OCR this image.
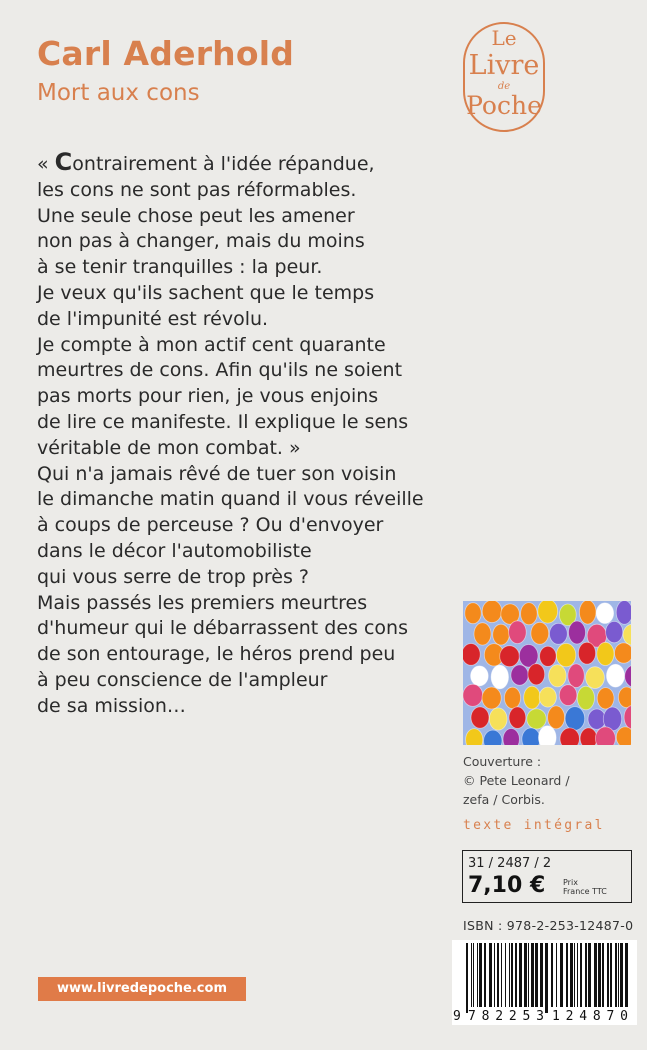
Carl Aderhold
Mort aux cons
Le
Livre
de
Poche

« Contrairement à l'idée répandue,

les cons ne sont pas réformables.

Une seule chose peut les amener

non pas à changer, mais du moins

à se tenir tranquilles : la peur.

Je veux qu'ils sachent que le temps

de l'impunité est révolu.

Je compte à mon actif cent quarante

meurtres de cons. Afin qu'ils ne soient

pas morts pour rien, je vous enjoins

de lire ce manifeste. Il explique le sens

véritable de mon combat. »

Qui n'a jamais rêvé de tuer son voisin

le dimanche matin quand il vous réveille

à coups de perceuse ? Ou d'envoyer

dans le décor l'automobiliste

qui vous serre de trop près ?

Mais passés les premiers meurtres

d'humeur qui le débarrassent des cons

de son entourage, le héros prend peu

à peu conscience de l'ampleur

de sa mission…

Couverture :

© Pete Leonard /

zefa / Corbis.

texte intégral
31 / 2487 / 2
7,10 € Prix
France TTC
ISBN : 978-2-253-12487-0
9 782253 124870
www.livredepoche.com
